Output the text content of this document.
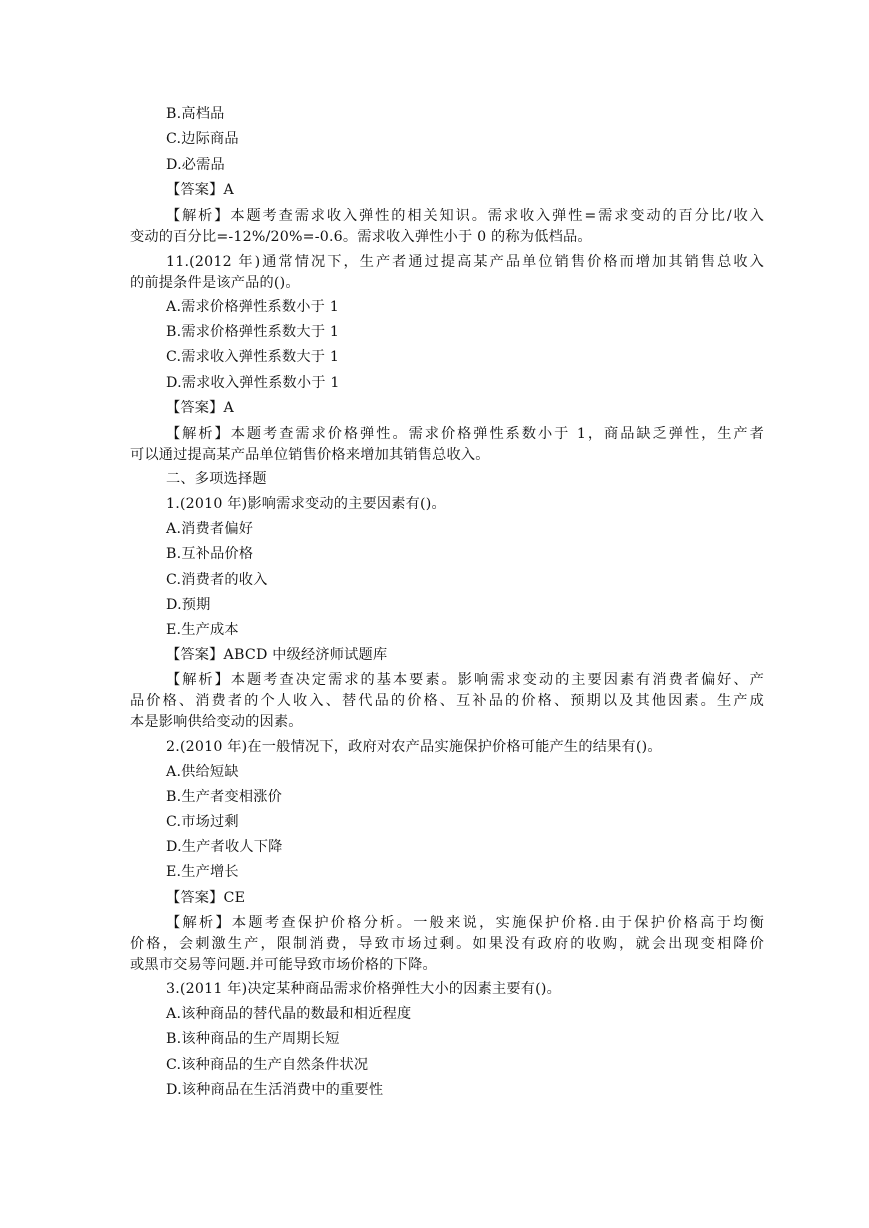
B.高档品
C.边际商品
D.必需品
【答案】A
【解析】本题考查需求收入弹性的相关知识。需求收入弹性=需求变动的百分比/收入
变动的百分比=-12%/20%=-0.6。需求收入弹性小于 0 的称为低档品。
11.(2012 年)通常情况下，生产者通过提高某产品单位销售价格而增加其销售总收入
的前提条件是该产品的()。
A.需求价格弹性系数小于 1
B.需求价格弹性系数大于 1
C.需求收入弹性系数大于 1
D.需求收入弹性系数小于 1
【答案】A
【解析】本题考查需求价格弹性。需求价格弹性系数小于 1，商品缺乏弹性，生产者
可以通过提高某产品单位销售价格来增加其销售总收入。
二、多项选择题
1.(2010 年)影响需求变动的主要因素有()。
A.消费者偏好
B.互补品价格
C.消费者的收入
D.预期
E.生产成本
【答案】ABCD 中级经济师试题库
【解析】本题考查决定需求的基本要素。影响需求变动的主要因素有消费者偏好、产
品价格、消费者的个人收入、替代品的价格、互补品的价格、预期以及其他因素。生产成
本是影响供给变动的因素。
2.(2010 年)在一般情况下，政府对农产品实施保护价格可能产生的结果有()。
A.供给短缺
B.生产者变相涨价
C.市场过剩
D.生产者收人下降
E.生产增长
【答案】CE
【解析】本题考查保护价格分析。一般来说，实施保护价格.由于保护价格高于均衡
价格，会刺激生产，限制消费，导致市场过剩。如果没有政府的收购，就会出现变相降价
或黑市交易等问题.并可能导致市场价格的下降。
3.(2011 年)决定某种商品需求价格弹性大小的因素主要有()。
A.该种商品的替代晶的数最和相近程度
B.该种商品的生产周期长短
C.该种商品的生产自然条件状况
D.该种商品在生活消费中的重要性
